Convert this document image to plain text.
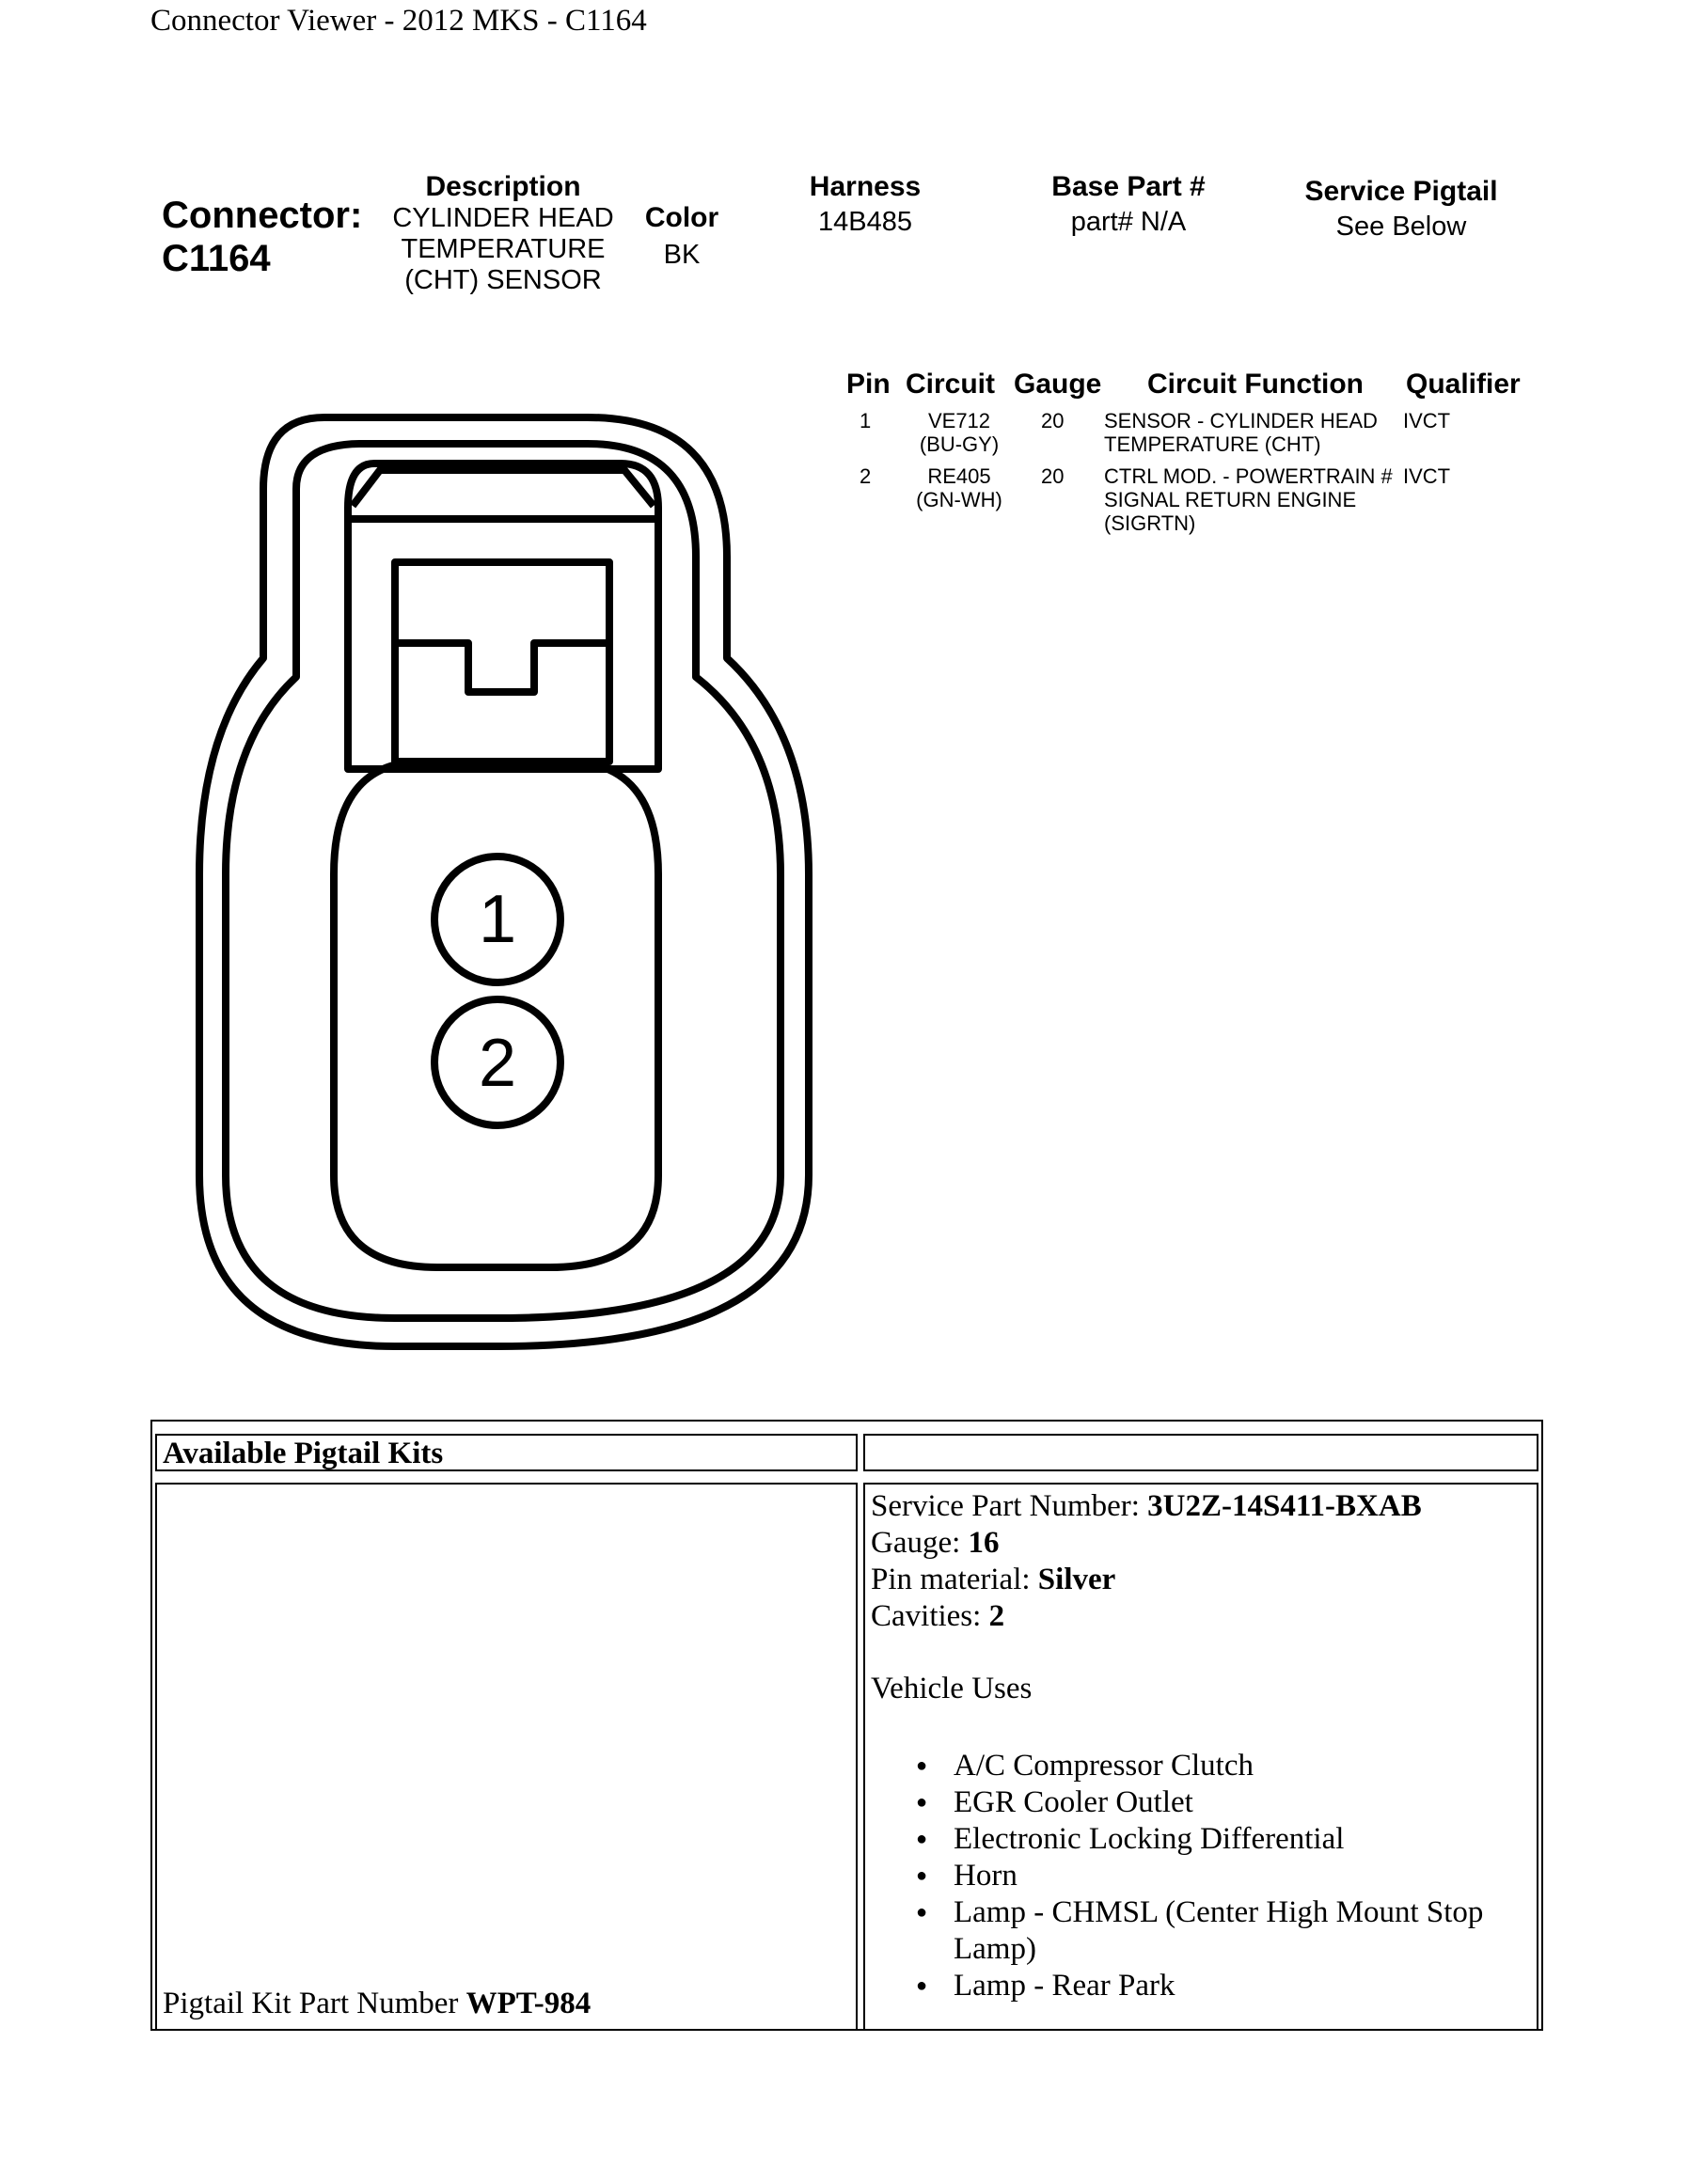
Connector Viewer - 2012 MKS - C1164
Connector:
C1164
Description
CYLINDER HEAD
TEMPERATURE
(CHT) SENSOR
Color
BK
Harness
14B485
Base Part #
part# N/A
Service Pigtail
See Below
Pin Circuit Gauge Circuit Function Qualifier
1	VE712
(BU-GY)
20 SENSOR - CYLINDER HEAD
TEMPERATURE (CHT)
IVCT
2	RE405
(GN-WH)
20 CTRL MOD. - POWERTRAIN #
SIGNAL RETURN ENGINE
(SIGRTN)
IVCT
1
2
Available Pigtail Kits
Pigtail Kit Part Number WPT-984
Service Part Number: 3U2Z-14S411-BXAB
Gauge: 16
Pin material: Silver
Cavities: 2
Vehicle Uses
● A/C Compressor Clutch
● EGR Cooler Outlet
● Electronic Locking Differential
● Horn
● Lamp - CHMSL (Center High Mount Stop Lamp)
● Lamp - Rear Park
